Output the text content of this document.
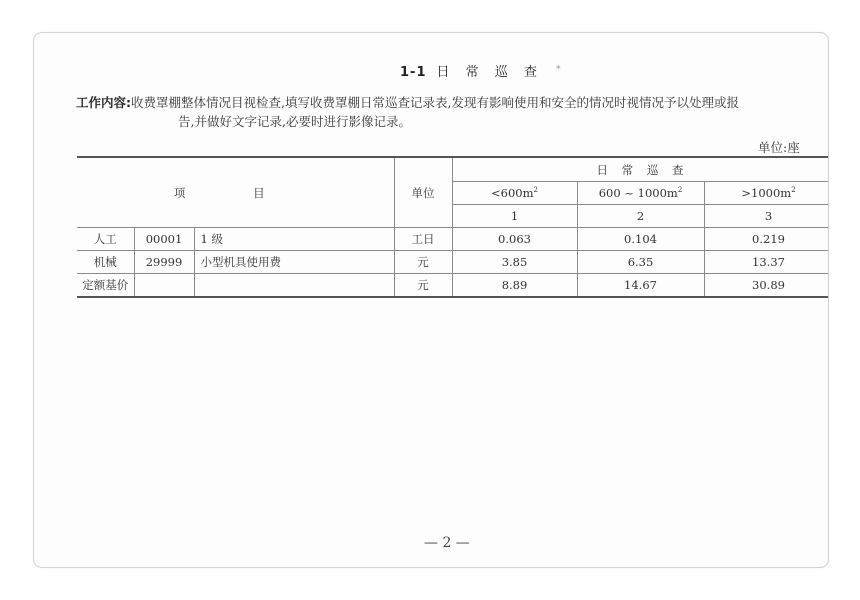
1-1 日 常 巡 查 *
工作内容:收费罩棚整体情况目视检查,填写收费罩棚日常巡查记录表,发现有影响使用和安全的情况时视情况予以处理或报
告,并做好文字记录,必要时进行影像记录。
单位:座
项 目			单位	日 常 巡 查		
				$<600m^2$	600 ~ $1000m^2$	$>1000m^2$
				1	2	3
人工	00001	1 级	工日	0.063	0.104	0.219
机械	29999	小型机具使用费	元	3.85	6.35	13.37
定额基价			元	8.89	14.67	30.89
— 2 —
